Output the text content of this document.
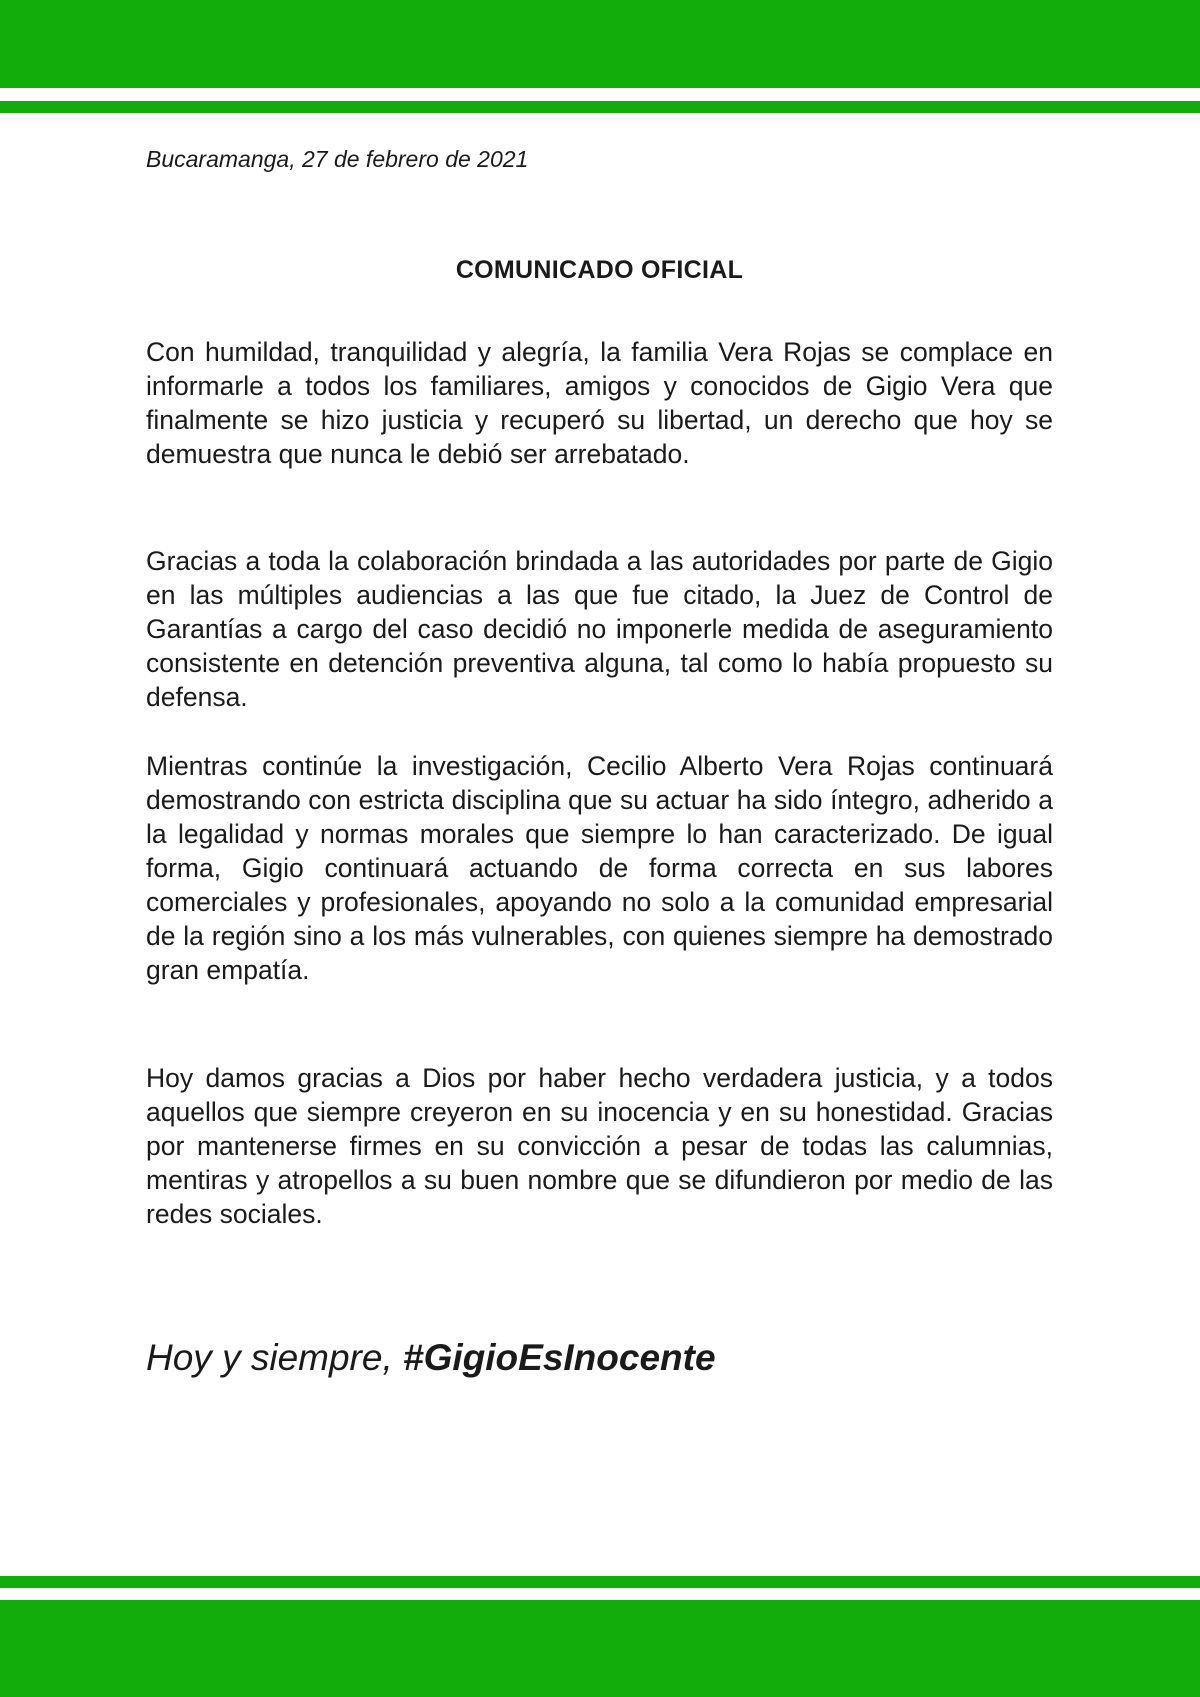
Bucaramanga, 27 de febrero de 2021
COMUNICADO OFICIAL

Con humildad, tranquilidad y alegría, la familia Vera Rojas se complace en informarle a todos los familiares, amigos y conocidos de Gigio Vera que finalmente se hizo justicia y recuperó su libertad, un derecho que hoy se demuestra que nunca le debió ser arrebatado.

Gracias a toda la colaboración brindada a las autoridades por parte de Gigio en las múltiples audiencias a las que fue citado, la Juez de Control de Garantías a cargo del caso decidió no imponerle medida de aseguramiento consistente en detención preventiva alguna, tal como lo había propuesto su defensa.

Mientras continúe la investigación, Cecilio Alberto Vera Rojas continuará demostrando con estricta disciplina que su actuar ha sido íntegro, adherido a la legalidad y normas morales que siempre lo han caracterizado. De igual forma, Gigio continuará actuando de forma correcta en sus labores comerciales y profesionales, apoyando no solo a la comunidad empresarial de la región sino a los más vulnerables, con quienes siempre ha demostrado gran empatía.

Hoy damos gracias a Dios por haber hecho verdadera justicia, y a todos aquellos que siempre creyeron en su inocencia y en su honestidad. Gracias por mantenerse firmes en su convicción a pesar de todas las calumnias, mentiras y atropellos a su buen nombre que se difundieron por medio de las redes sociales.

Hoy y siempre, #GigioEsInocente
